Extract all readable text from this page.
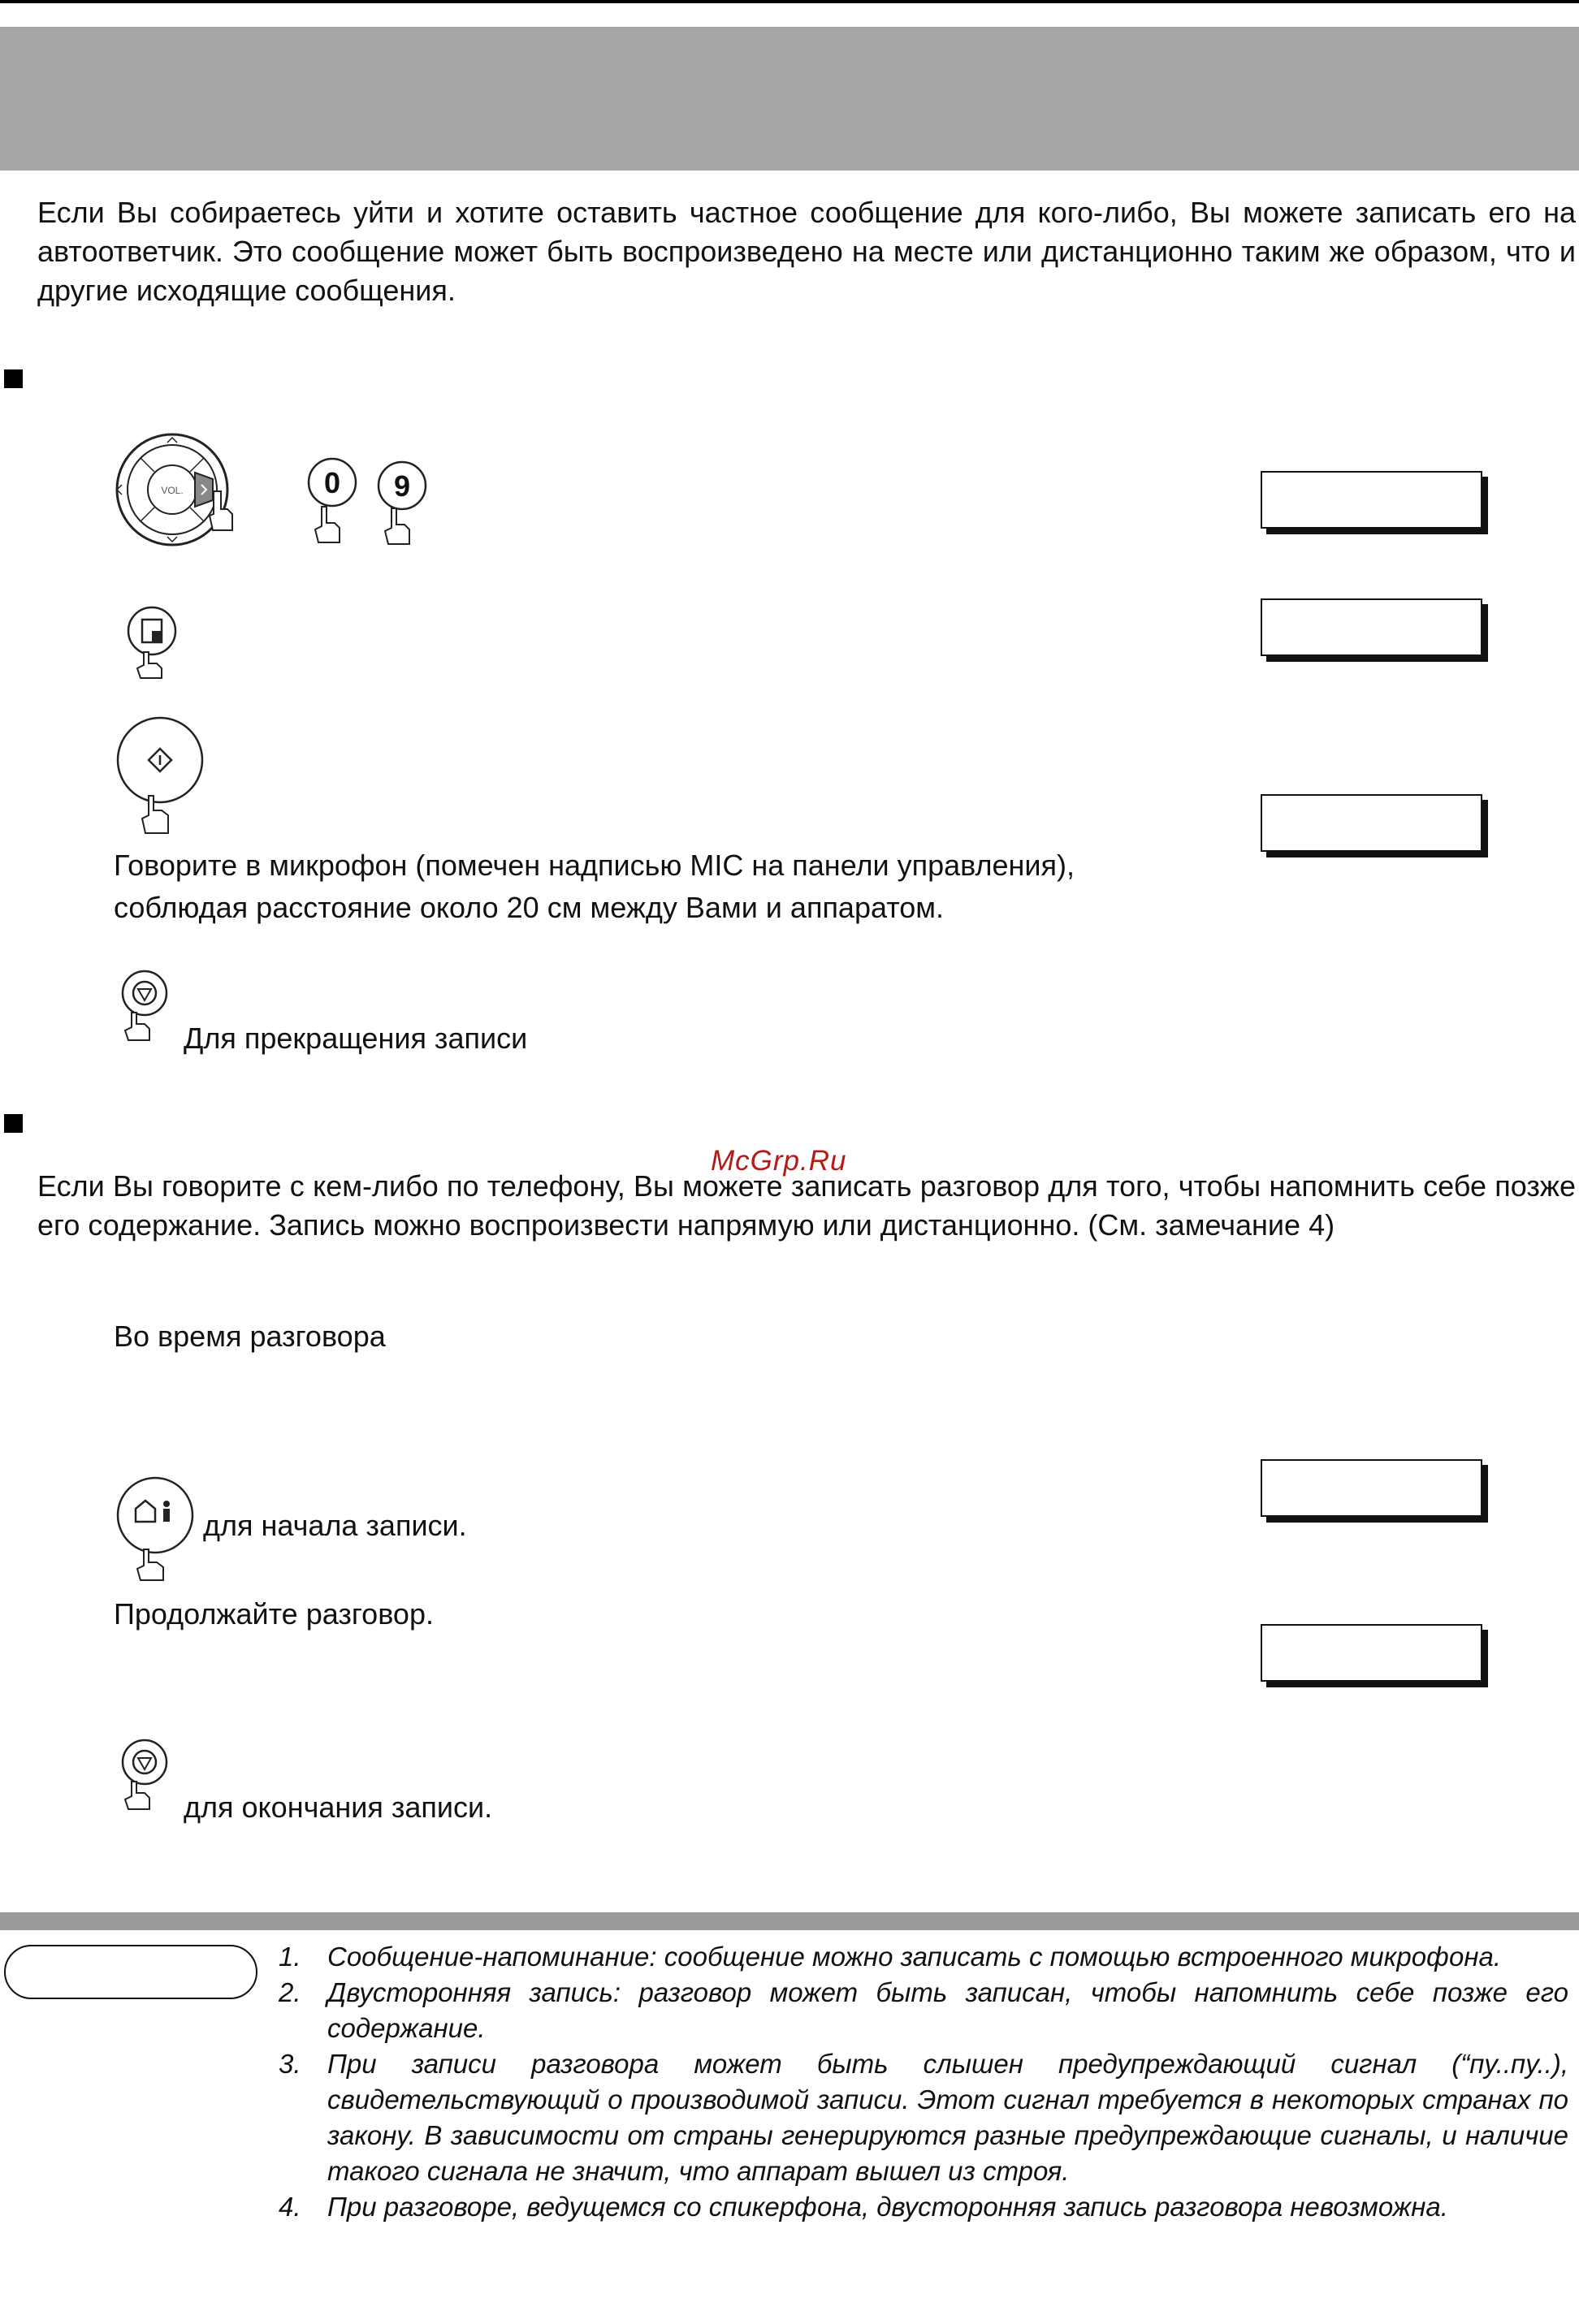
Если Вы собираетесь уйти и хотите оставить частное сообщение для кого-либо, Вы можете записать его на автоответчик. Это сообщение может быть воспроизведено на месте или дистанционно таким же образом, что и другие исходящие сообщения.

VOL.	0 9

Говорите в микрофон (помечен надписью MIC на панели управления),

соблюдая расстояние около 20 см между Вами и аппаратом.

Для прекращения записи

McGrp.Ru

Если Вы говорите с кем-либо по телефону, Вы можете записать разговор для того, чтобы напомнить себе позже его содержание. Запись можно воспроизвести напрямую или дистанционно. (См. замечание 4)

Во время разговора

для начала записи.

Продолжайте разговор.

для окончания записи.

1. Сообщение-напоминание: сообщение можно записать с помощью встроенного микрофона.

2. Двусторонняя запись: разговор может быть записан, чтобы напомнить себе позже его содержание.

3. При записи разговора может быть слышен предупреждающий сигнал (“пу..пу..), свидетельствующий о производимой записи. Этот сигнал требуется в некоторых странах по закону. В зависимости от страны генерируются разные предупреждающие сигналы, и наличие такого сигнала не значит, что аппарат вышел из строя.

4. При разговоре, ведущемся со спикерфона, двусторонняя запись разговора невозможна.
